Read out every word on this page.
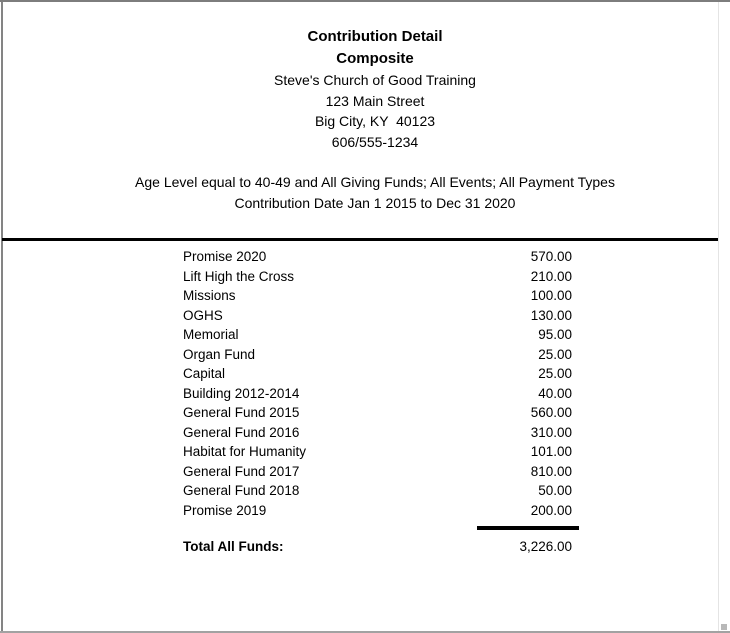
Contribution Detail
Composite
Steve's Church of Good Training
123 Main Street
Big City, KY  40123
606/555-1234
Age Level equal to 40-49 and All Giving Funds; All Events; All Payment Types
Contribution Date Jan 1 2015 to Dec 31 2020
Promise 2020	570.00
Lift High the Cross	210.00
Missions	100.00
OGHS	130.00
Memorial	95.00
Organ Fund	25.00
Capital	25.00
Building 2012-2014	40.00
General Fund 2015	560.00
General Fund 2016	310.00
Habitat for Humanity	101.00
General Fund 2017	810.00
General Fund 2018	50.00
Promise 2019	200.00
Total All Funds:	3,226.00
